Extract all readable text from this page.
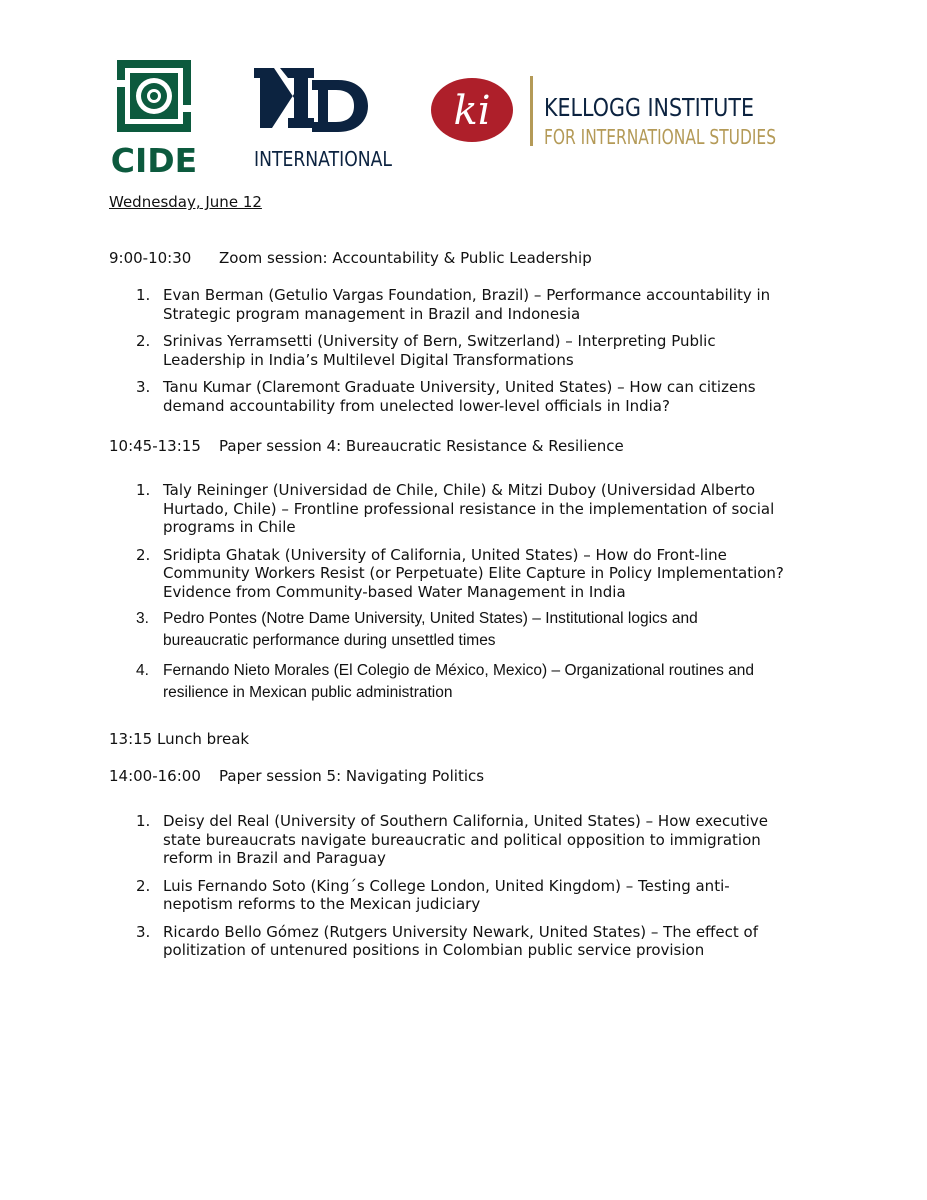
CIDE	INTERNATIONAL
ki KELLOGG INSTITUTE
FOR INTERNATIONAL STUDIES

Wednesday, June 12

9:00-10:30 Zoom session: Accountability & Public Leadership

1. Evan Berman (Getulio Vargas Foundation, Brazil) – Performance accountability in
Strategic program management in Brazil and Indonesia
2. Srinivas Yerramsetti (University of Bern, Switzerland) – Interpreting Public
Leadership in India’s Multilevel Digital Transformations
3. Tanu Kumar (Claremont Graduate University, United States) – How can citizens
demand accountability from unelected lower-level officials in India?

10:45-13:15 Paper session 4: Bureaucratic Resistance & Resilience

1. Taly Reininger (Universidad de Chile, Chile) & Mitzi Duboy (Universidad Alberto
Hurtado, Chile) – Frontline professional resistance in the implementation of social
programs in Chile
2. Sridipta Ghatak (University of California, United States) – How do Front-line
Community Workers Resist (or Perpetuate) Elite Capture in Policy Implementation?
Evidence from Community-based Water Management in India
3. Pedro Pontes (Notre Dame University, United States) – Institutional logics and
bureaucratic performance during unsettled times
4. Fernando Nieto Morales (El Colegio de México, Mexico) – Organizational routines and
resilience in Mexican public administration

13:15 Lunch break

14:00-16:00 Paper session 5: Navigating Politics

1. Deisy del Real (University of Southern California, United States) – How executive
state bureaucrats navigate bureaucratic and political opposition to immigration
reform in Brazil and Paraguay
2. Luis Fernando Soto (King´s College London, United Kingdom) – Testing anti-
nepotism reforms to the Mexican judiciary
3. Ricardo Bello Gómez (Rutgers University Newark, United States) – The effect of
politization of untenured positions in Colombian public service provision
